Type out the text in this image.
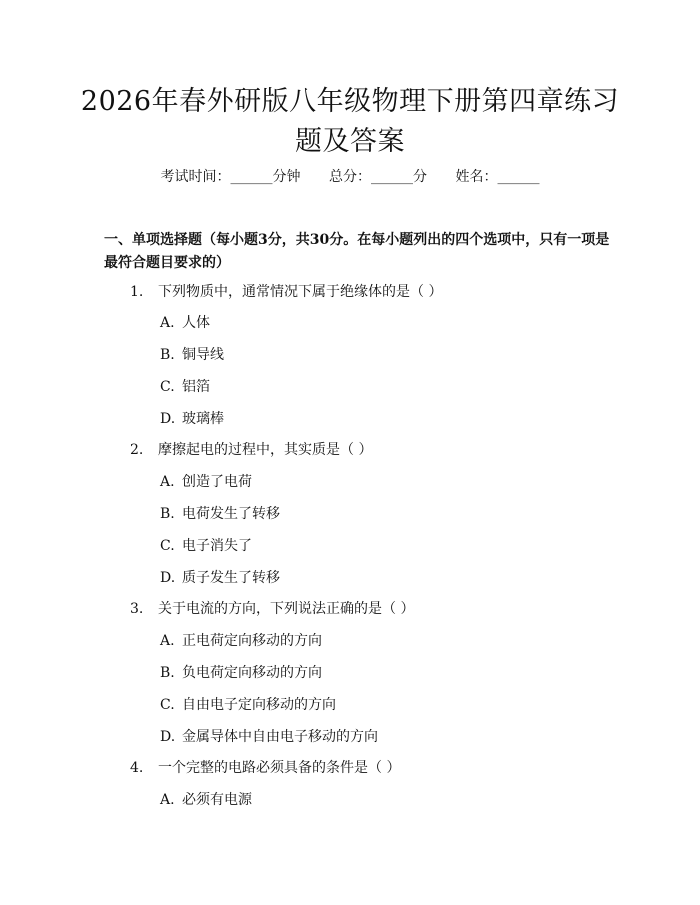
2026年春外研版八年级物理下册第四章练习题及答案
考试时间：______分钟 总分：______分 姓名：______
一、单项选择题（每小题3分，共30分。在每小题列出的四个选项中，只有一项是最符合题目要求的）
1. 下列物质中，通常情况下属于绝缘体的是（ ）
A. 人体
B. 铜导线
C. 铝箔
D. 玻璃棒
2. 摩擦起电的过程中，其实质是（ ）
A. 创造了电荷
B. 电荷发生了转移
C. 电子消失了
D. 质子发生了转移
3. 关于电流的方向，下列说法正确的是（ ）
A. 正电荷定向移动的方向
B. 负电荷定向移动的方向
C. 自由电子定向移动的方向
D. 金属导体中自由电子移动的方向
4. 一个完整的电路必须具备的条件是（ ）
A. 必须有电源
